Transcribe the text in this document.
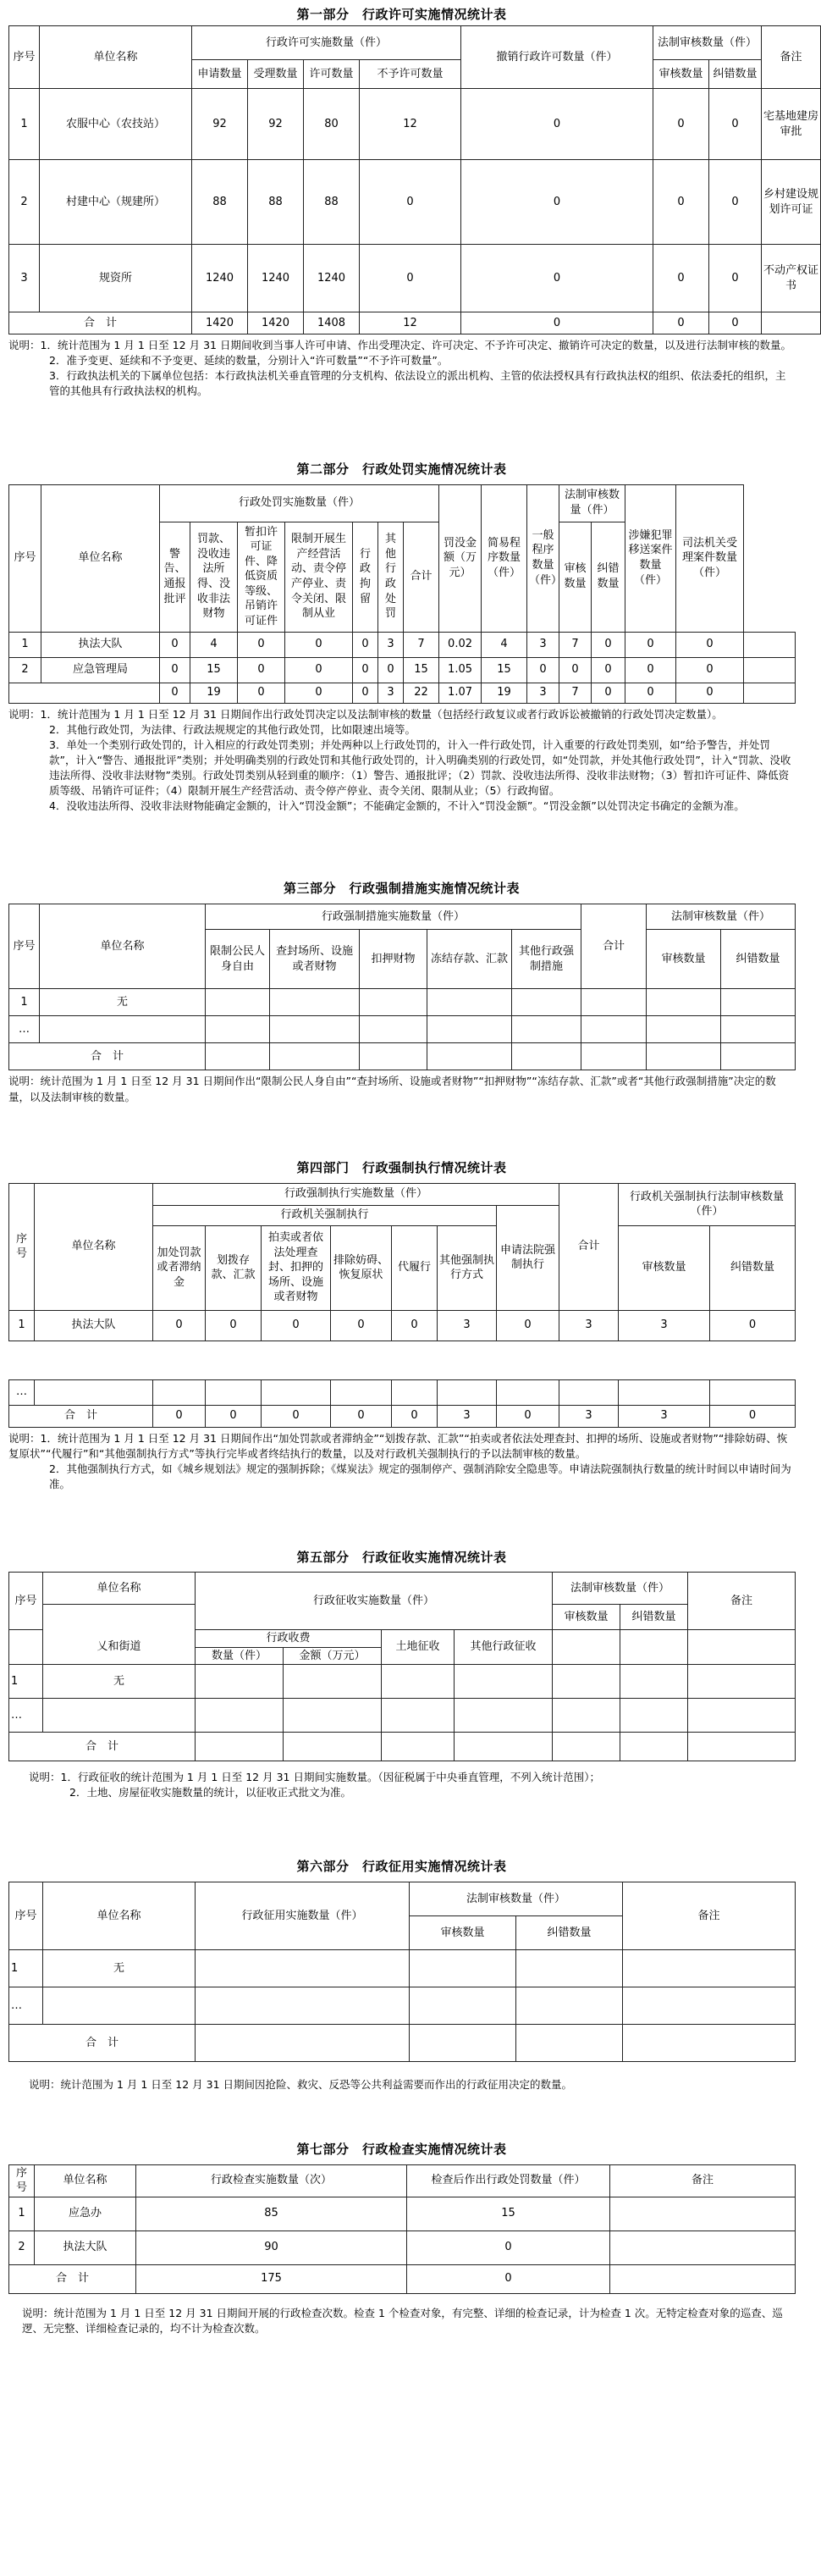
第一部分　行政许可实施情况统计表
序号	单位名称	行政许可实施数量（件）				撤销行政许可数量（件）	法制审核数量（件）		备注
		申请数量	受理数量	许可数量	不予许可数量		审核数量	纠错数量	
1	农服中心（农技站）	92	92	80	12	0	0	0	宅基地建房审批
2	村建中心（规建所）	88	88	88	0	0	0	0	乡村建设规划许可证
3	规资所	1240	1240	1240	0	0	0	0	不动产权证书
合　计		1420	1420	1408	12	0	0	0	

说明：1．统计范围为 1 月 1 日至 12 月 31 日期间收到当事人许可申请、作出受理决定、许可决定、不予许可决定、撤销许可决定的数量，以及进行法制审核的数量。

2．准予变更、延续和不予变更、延续的数量，分别计入“许可数量”“不予许可数量”。

3．行政执法机关的下属单位包括：本行政执法机关垂直管理的分支机构、依法设立的派出机构、主管的依法授权具有行政执法权的组织、依法委托的组织，主管的其他具有行政执法权的机构。

第二部分　行政处罚实施情况统计表
序号	单位名称	行政处罚实施数量（件）							罚没金额（万元）	简易程序数量（件）	一般程序数量（件）	法制审核数量（件）		涉嫌犯罪移送案件数量（件）	司法机关受理案件数量（件）	
		警告、通报批评	罚款、没收违法所得、没收非法财物	暂扣许可证件、降低资质等级、吊销许可证件	限制开展生产经营活动、责令停产停业、责令关闭、限制从业	行政拘留	其他行政处罚	合计				审核数量	纠错数量			
1	执法大队	0	4	0	0	0	3	7	0.02	4	3	7	0	0	0	
2	应急管理局	0	15	0	0	0	0	15	1.05	15	0	0	0	0	0	
		0	19	0	0	0	3	22	1.07	19	3	7	0	0	0	

说明：1．统计范围为 1 月 1 日至 12 月 31 日期间作出行政处罚决定以及法制审核的数量（包括经行政复议或者行政诉讼被撤销的行政处罚决定数量）。

2．其他行政处罚，为法律、行政法规规定的其他行政处罚，比如限速出境等。

3．单处一个类别行政处罚的，计入相应的行政处罚类别；并处两种以上行政处罚的，计入一件行政处罚，计入重要的行政处罚类别，如“给予警告，并处罚款”，计入“警告、通报批评”类别；并处明确类别的行政处罚和其他行政处罚的，计入明确类别的行政处罚，如“处罚款，并处其他行政处罚”，计入“罚款、没收违法所得、没收非法财物”类别。行政处罚类别从轻到重的顺序：（1）警告、通报批评；（2）罚款、没收违法所得、没收非法财物；（3）暂扣许可证件、降低资质等级、吊销许可证件；（4）限制开展生产经营活动、责令停产停业、责令关闭、限制从业；（5）行政拘留。

4．没收违法所得、没收非法财物能确定金额的，计入“罚没金额”；不能确定金额的，不计入“罚没金额”。“罚没金额”以处罚决定书确定的金额为准。

第三部分　行政强制措施实施情况统计表
序号	单位名称	行政强制措施实施数量（件）					合计	法制审核数量（件）	
		限制公民人身自由	查封场所、设施或者财物	扣押财物	冻结存款、汇款	其他行政强制措施		审核数量	纠错数量
1	无								
…									
合　计									

说明：统计范围为 1 月 1 日至 12 月 31 日期间作出“限制公民人身自由”“查封场所、设施或者财物”“扣押财物”“冻结存款、汇款”或者“其他行政强制措施”决定的数量，以及法制审核的数量。

第四部门　行政强制执行情况统计表
序号	单位名称	行政强制执行实施数量（件）							合计	行政机关强制执行法制审核数量（件）	
		行政机关强制执行						申请法院强制执行			
		加处罚款或者滞纳金	划拨存款、汇款	拍卖或者依法处理查封、扣押的场所、设施或者财物	排除妨碍、恢复原状	代履行	其他强制执行方式			审核数量	纠错数量
1	执法大队	0	0	0	0	0	3	0	3	3	0

…											
合　计		0	0	0	0	0	3	0	3	3	0

说明：1．统计范围为 1 月 1 日至 12 月 31 日期间作出“加处罚款或者滞纳金”“划拨存款、汇款”“拍卖或者依法处理查封、扣押的场所、设施或者财物”“排除妨碍、恢复原状”“代履行”和“其他强制执行方式”等执行完毕或者终结执行的数量，以及对行政机关强制执行的予以法制审核的数量。

2．其他强制执行方式，如《城乡规划法》规定的强制拆除；《煤炭法》规定的强制停产、强制消除安全隐患等。申请法院强制执行数量的统计时间以申请时间为准。

第五部分　行政征收实施情况统计表
序号	单位名称	行政征收实施数量（件）				法制审核数量（件）		备注
						审核数量	纠错数量	
	乂和街道	行政收费		土地征收	其他行政征收			
		数量（件）	金额（万元）					
1	无							
…								
合　计								

说明：1．行政征收的统计范围为 1 月 1 日至 12 月 31 日期间实施数量。（因征税属于中央垂直管理，不列入统计范围）；

2．土地、房屋征收实施数量的统计，以征收正式批文为准。

第六部分　行政征用实施情况统计表
序号	单位名称	行政征用实施数量（件）	法制审核数量（件）		备注
			审核数量	纠错数量	
1	无				
…					
合　计					

说明：统计范围为 1 月 1 日至 12 月 31 日期间因抢险、救灾、反恐等公共利益需要而作出的行政征用决定的数量。

第七部分　行政检查实施情况统计表
序号	单位名称	行政检查实施数量（次）	检查后作出行政处罚数量（件）	备注
1	应急办	85	15	
2	执法大队	90	0	
合　计		175	0	

说明：统计范围为 1 月 1 日至 12 月 31 日期间开展的行政检查次数。检查 1 个检查对象，有完整、详细的检查记录，计为检查 1 次。无特定检查对象的巡查、巡逻、无完整、详细检查记录的，均不计为检查次数。
